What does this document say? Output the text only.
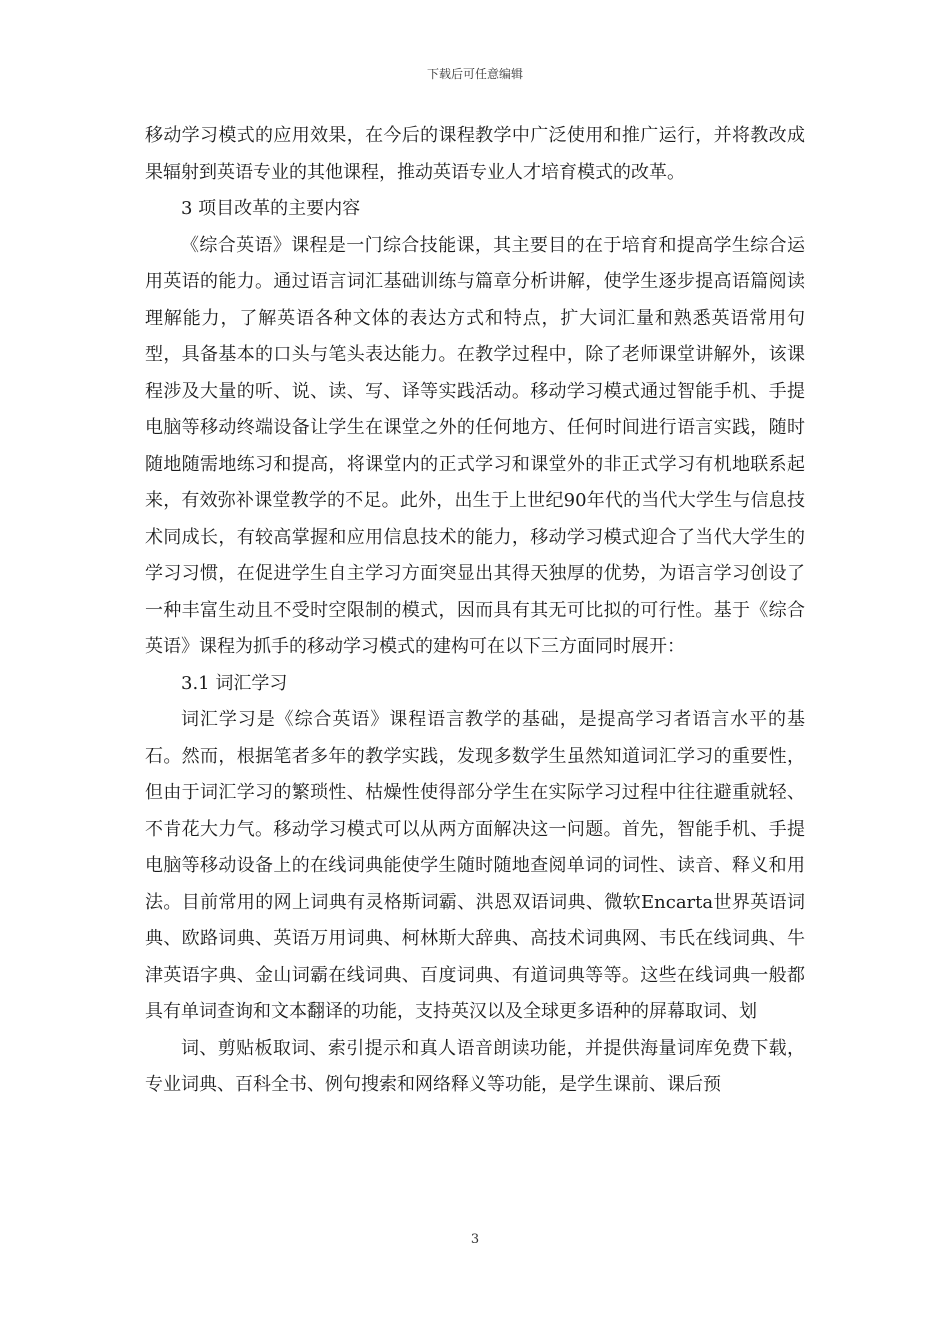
下载后可任意编辑

移动学习模式的应用效果，在今后的课程教学中广泛使用和推广运行，并将教改成果辐射到英语专业的其他课程，推动英语专业人才培育模式的改革。

3 项目改革的主要内容

《综合英语》课程是一门综合技能课，其主要目的在于培育和提高学生综合运用英语的能力。通过语言词汇基础训练与篇章分析讲解，使学生逐步提高语篇阅读理解能力，了解英语各种文体的表达方式和特点，扩大词汇量和熟悉英语常用句型，具备基本的口头与笔头表达能力。在教学过程中，除了老师课堂讲解外，该课程涉及大量的听、说、读、写、译等实践活动。移动学习模式通过智能手机、手提电脑等移动终端设备让学生在课堂之外的任何地方、任何时间进行语言实践，随时随地随需地练习和提高，将课堂内的正式学习和课堂外的非正式学习有机地联系起来，有效弥补课堂教学的不足。此外，出生于上世纪90年代的当代大学生与信息技术同成长，有较高掌握和应用信息技术的能力，移动学习模式迎合了当代大学生的学习习惯，在促进学生自主学习方面突显出其得天独厚的优势，为语言学习创设了一种丰富生动且不受时空限制的模式，因而具有其无可比拟的可行性。基于《综合英语》课程为抓手的移动学习模式的建构可在以下三方面同时展开：

3.1 词汇学习

词汇学习是《综合英语》课程语言教学的基础，是提高学习者语言水平的基石。然而，根据笔者多年的教学实践，发现多数学生虽然知道词汇学习的重要性，但由于词汇学习的繁琐性、枯燥性使得部分学生在实际学习过程中往往避重就轻、不肯花大力气。移动学习模式可以从两方面解决这一问题。首先，智能手机、手提电脑等移动设备上的在线词典能使学生随时随地查阅单词的词性、读音、释义和用法。目前常用的网上词典有灵格斯词霸、洪恩双语词典、微软Encarta世界英语词典、欧路词典、英语万用词典、柯林斯大辞典、高技术词典网、韦氏在线词典、牛津英语字典、金山词霸在线词典、百度词典、有道词典等等。这些在线词典一般都具有单词查询和文本翻译的功能，支持英汉以及全球更多语种的屏幕取词、划

词、剪贴板取词、索引提示和真人语音朗读功能，并提供海量词库免费下载，专业词典、百科全书、例句搜索和网络释义等功能，是学生课前、课后预

3
